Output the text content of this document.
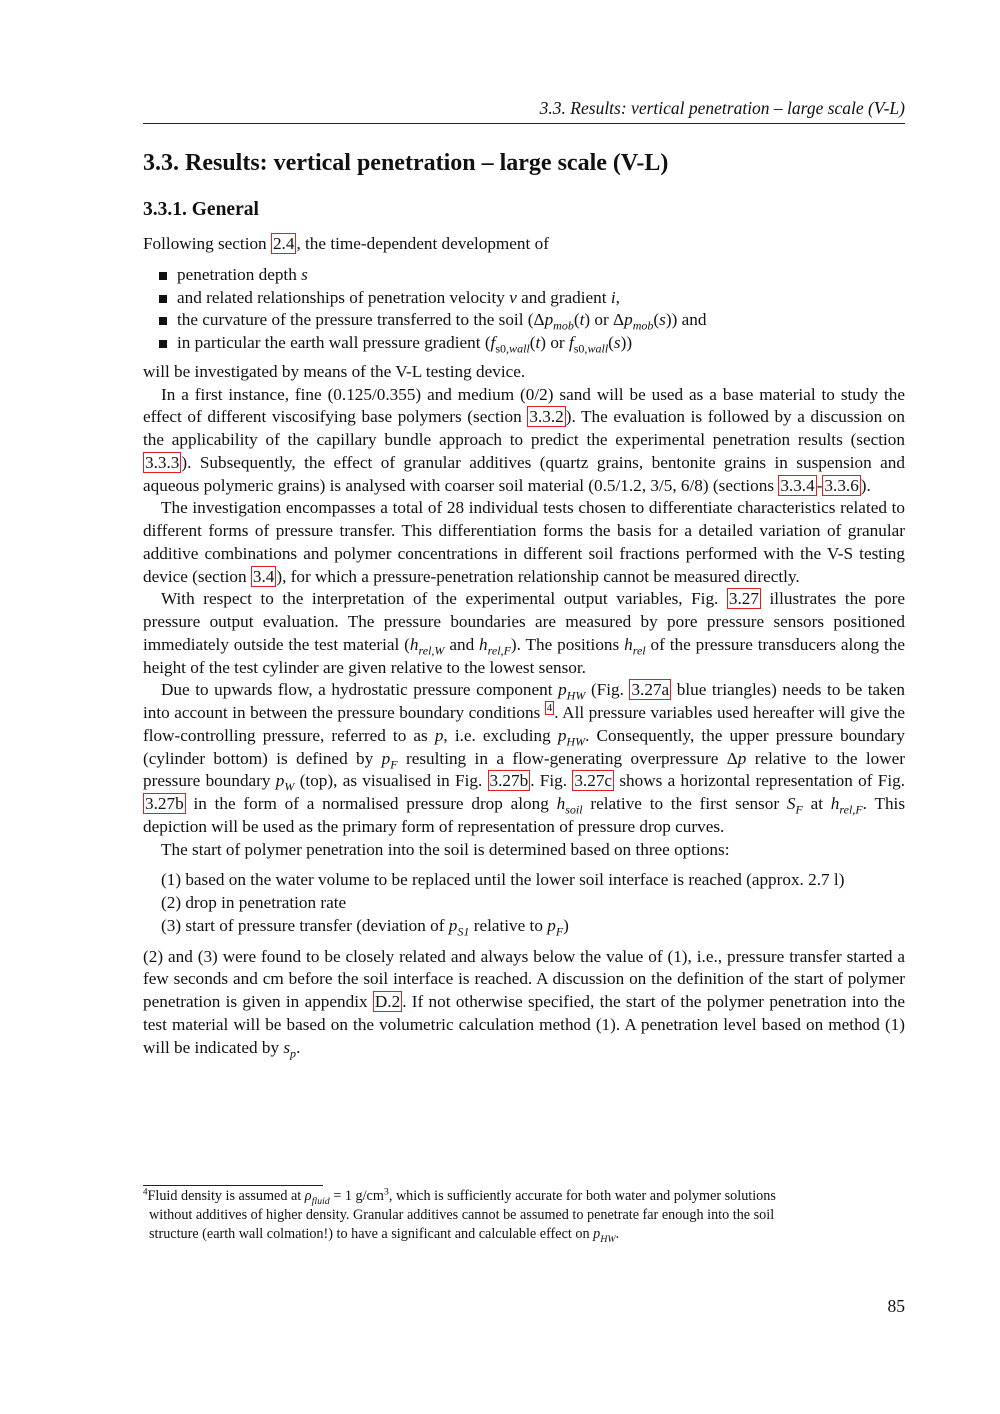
3.3. Results: vertical penetration – large scale (V-L)
3.3. Results: vertical penetration – large scale (V-L)
3.3.1. General

Following section 2.4 , the time-dependent development of

penetration depth s
and related relationships of penetration velocity v and gradient i,
the curvature of the pressure transferred to the soil ($\Delta p_{mob}(t)$ or $\Delta p_{mob}(s)$) and
in particular the earth wall pressure gradient ($f_{s0,wall}(t)$ or $f_{s0,wall}(s)$)

will be investigated by means of the V-L testing device.

In a first instance, fine (0.125/0.355) and medium (0/2) sand will be used as a base material to study the effect of different viscosifying base polymers (section 3.3.2 ). The evaluation is followed by a discussion on the applicability of the capillary bundle approach to predict the experimental penetration results (section 3.3.3 ). Subsequently, the effect of granular additives (quartz grains, bentonite grains in suspension and aqueous polymeric grains) is analysed with coarser soil material (0.5/1.2, 3/5, 6/8) (sections 3.3.4 - 3.3.6 ).

The investigation encompasses a total of 28 individual tests chosen to differentiate characteristics related to different forms of pressure transfer. This differentiation forms the basis for a detailed variation of granular additive combinations and polymer concentrations in different soil fractions performed with the V-S testing device (section 3.4 ), for which a pressure-penetration relationship cannot be measured directly.

With respect to the interpretation of the experimental output variables, Fig. 3.27 illustrates the pore pressure output evaluation. The pressure boundaries are measured by pore pressure sensors positioned immediately outside the test material ($h_{rel,W}$ and $h_{rel,F}$). The positions $h_{rel}$ of the pressure transducers along the height of the test cylinder are given relative to the lowest sensor.

Due to upwards flow, a hydrostatic pressure component $p_{HW}$ (Fig. 3.27a blue triangles) needs to be taken into account in between the pressure boundary conditions $^4$ . All pressure variables used hereafter will give the flow-controlling pressure, referred to as p, i.e. excluding $p_{HW}$. Consequently, the upper pressure boundary (cylinder bottom) is defined by $p_F$ resulting in a flow-generating overpressure Δp relative to the lower pressure boundary $p_W$ (top), as visualised in Fig. 3.27b . Fig. 3.27c shows a horizontal representation of Fig. 3.27b in the form of a normalised pressure drop along $h_{soil}$ relative to the first sensor $S_F$ at $h_{rel,F}$. This depiction will be used as the primary form of representation of pressure drop curves.

The start of polymer penetration into the soil is determined based on three options:

(1) based on the water volume to be replaced until the lower soil interface is reached (approx. 2.7 l)
(2) drop in penetration rate
(3) start of pressure transfer (deviation of $p_{S1}$ relative to $p_F$)

(2) and (3) were found to be closely related and always below the value of (1), i.e., pressure transfer started a few seconds and cm before the soil interface is reached. A discussion on the definition of the start of polymer penetration is given in appendix D.2 . If not otherwise specified, the start of the polymer penetration into the test material will be based on the volumetric calculation method (1). A penetration level based on method (1) will be indicated by $s_p$.

$^4$Fluid density is assumed at $\rho_{fluid} = 1$ $g/cm^3$, which is sufficiently accurate for both water and polymer solutions
without additives of higher density. Granular additives cannot be assumed to penetrate far enough into the soil
structure (earth wall colmation!) to have a significant and calculable effect on $p_{HW}$.
85
